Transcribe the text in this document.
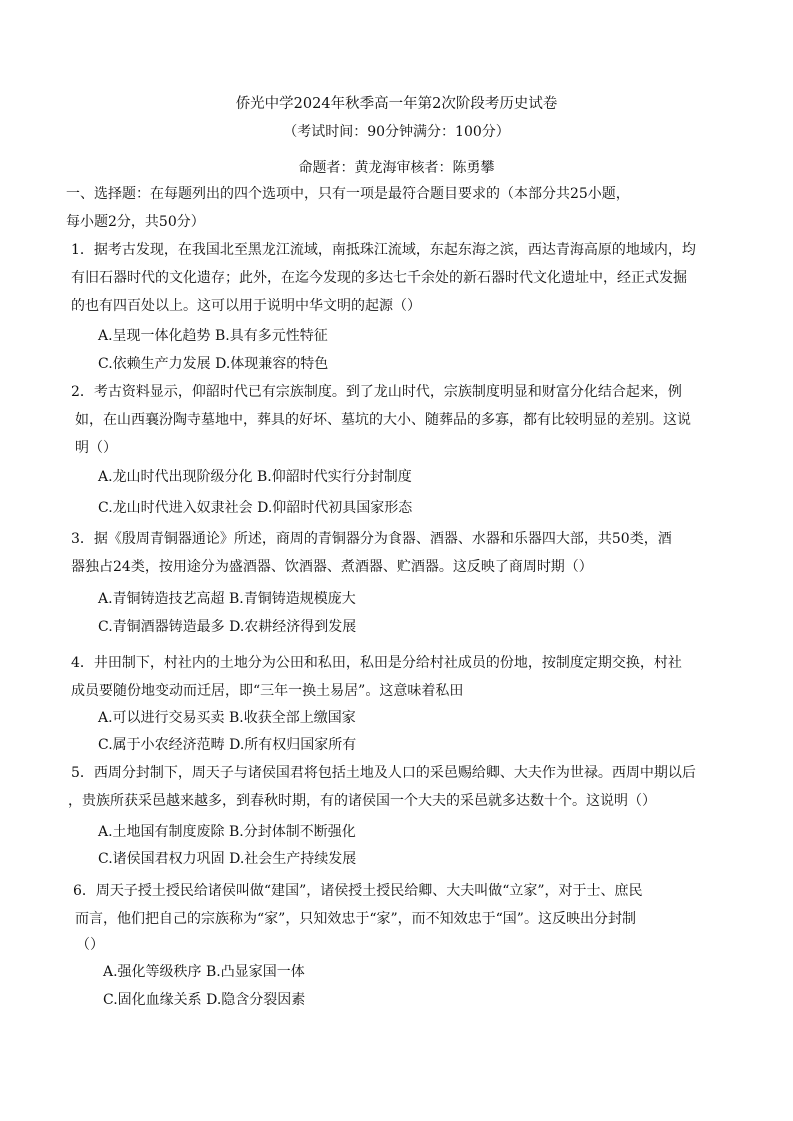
侨光中学2024年秋季高一年第2次阶段考历史试卷
（考试时间：90分钟满分：100分）
命题者：黄龙海审核者：陈勇攀
一、选择题：在每题列出的四个选项中，只有一项是最符合题目要求的（本部分共25小题，
每小题2分，共50分）
1．据考古发现，在我国北至黑龙江流域，南抵珠江流域，东起东海之滨，西达青海高原的地域内，均
有旧石器时代的文化遗存；此外，在迄今发现的多达七千余处的新石器时代文化遗址中，经正式发掘
的也有四百处以上。这可以用于说明中华文明的起源（）
A.呈现一体化趋势 B.具有多元性特征
C.依赖生产力发展 D.体现兼容的特色
2．考古资料显示，仰韶时代已有宗族制度。到了龙山时代，宗族制度明显和财富分化结合起来，例
如，在山西襄汾陶寺墓地中，葬具的好坏、墓坑的大小、随葬品的多寡，都有比较明显的差别。这说
明（）
A.龙山时代出现阶级分化 B.仰韶时代实行分封制度
C.龙山时代进入奴隶社会 D.仰韶时代初具国家形态
3．据《殷周青铜器通论》所述，商周的青铜器分为食器、酒器、水器和乐器四大部，共50类，酒
器独占24类，按用途分为盛酒器、饮酒器、煮酒器、贮酒器。这反映了商周时期（）
A.青铜铸造技艺高超 B.青铜铸造规模庞大
C.青铜酒器铸造最多 D.农耕经济得到发展
4．井田制下，村社内的土地分为公田和私田，私田是分给村社成员的份地，按制度定期交换，村社
成员要随份地变动而迁居，即“三年一换土易居”。这意味着私田
A.可以进行交易买卖 B.收获全部上缴国家
C.属于小农经济范畴 D.所有权归国家所有
5．西周分封制下，周天子与诸侯国君将包括土地及人口的采邑赐给卿、大夫作为世禄。西周中期以后
，贵族所获采邑越来越多，到春秋时期，有的诸侯国一个大夫的采邑就多达数十个。这说明（）
A.土地国有制度废除 B.分封体制不断强化
C.诸侯国君权力巩固 D.社会生产持续发展
6．周天子授土授民给诸侯叫做“建国”，诸侯授土授民给卿、大夫叫做“立家”，对于士、庶民
而言，他们把自己的宗族称为“家”，只知效忠于“家”，而不知效忠于“国”。这反映出分封制
（）
A.强化等级秩序 B.凸显家国一体
C.固化血缘关系 D.隐含分裂因素
